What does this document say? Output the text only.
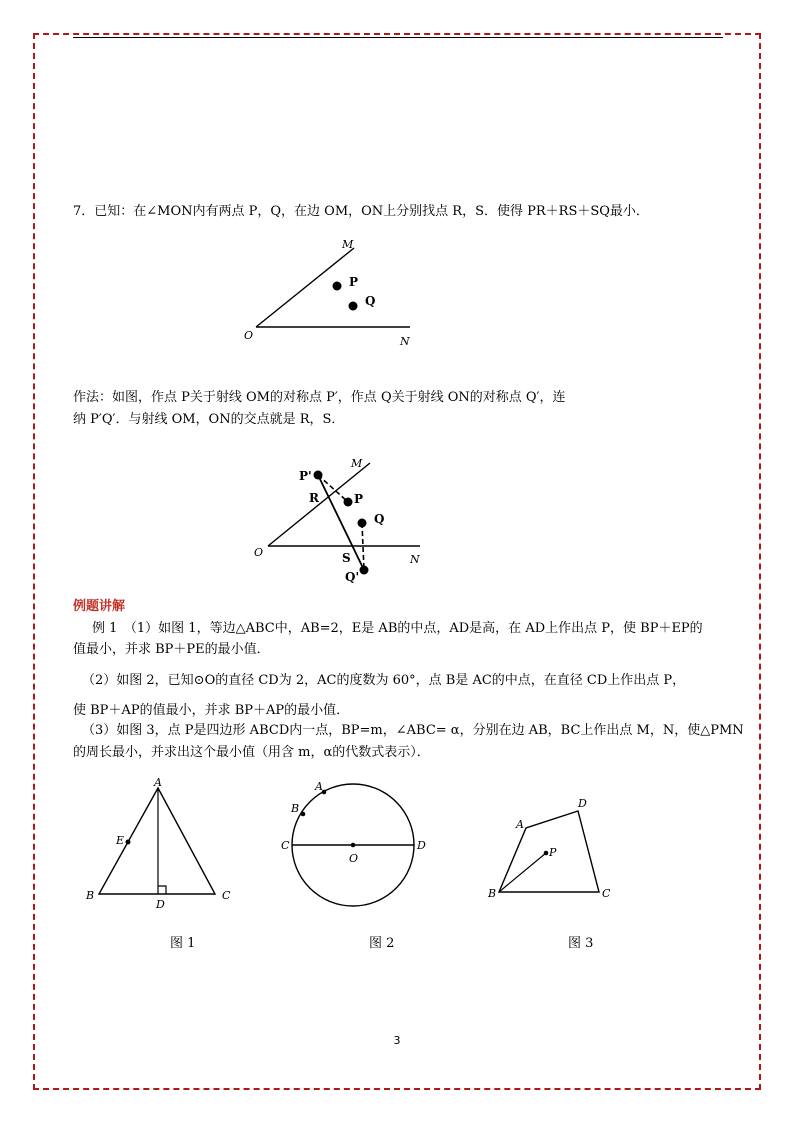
7．已知：在∠MON内有两点 P，Q，在边 OM，ON上分别找点 R，S．使得 PR＋RS＋SQ最小．
M
P
Q
O	N
作法：如图，作点 P关于射线 OM的对称点 P′，作点 Q关于射线 ON的对称点 Q′，连
纳 P′Q′．与射线 OM，ON的交点就是 R，S．
P'
M
R	P
Q
O	S	N
Q'
例题讲解
例 1　（1）如图 1，等边△ABC中，AB=2，E是 AB的中点，AD是高，在 AD上作出点 P，使 BP＋EP的
值最小，并求 BP＋PE的最小值．
（2）如图 2，已知⊙O的直径 CD为 2，AC的度数为 60°，点 B是 AC的中点，在直径 CD上作出点 P，
使 BP＋AP的值最小，并求 BP＋AP的最小值．
（3）如图 3，点 P是四边形 ABCD内一点，BP=m，∠ABC= α，分别在边 AB，BC上作出点 M，N，使△PMN
的周长最小，并求出这个最小值（用含 m，α的代数式表示）．
A
E
B
D
C
A
B
C
O
D
A
D
P
B	C
图 1	图 2	图 3
3
